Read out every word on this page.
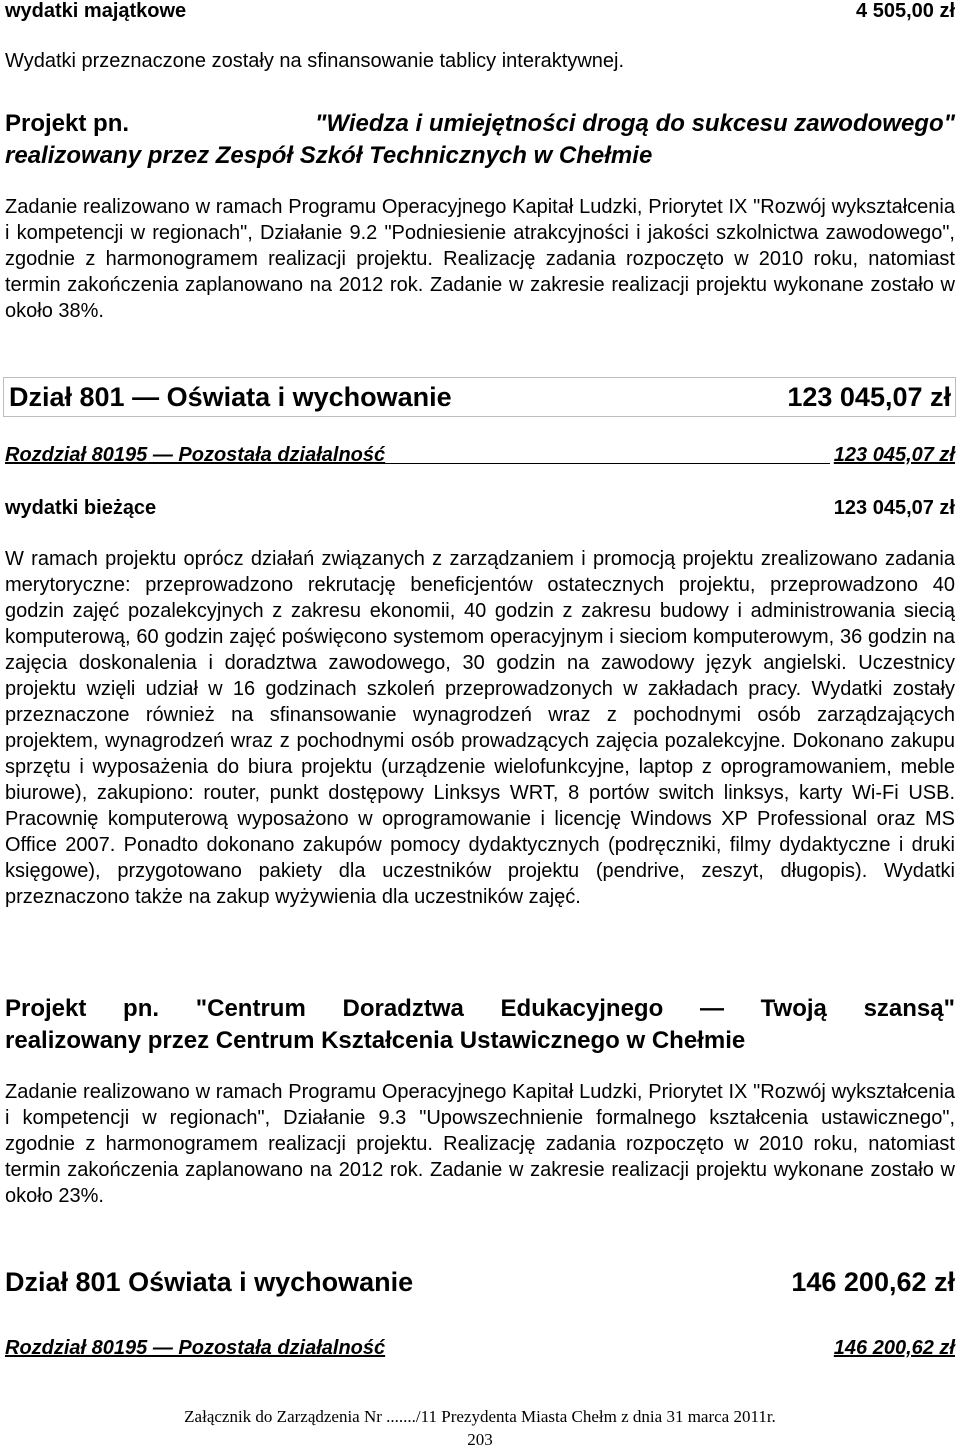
wydatki majątkowe	4 505,00 zł
Wydatki przeznaczone zostały na sfinansowanie tablicy interaktywnej.
Projekt pn.	"Wiedza i umiejętności drogą do sukcesu zawodowego"
realizowany przez Zespół Szkół Technicznych w Chełmie
Zadanie realizowano w ramach Programu Operacyjnego Kapitał Ludzki, Priorytet IX "Rozwój wykształcenia i kompetencji w regionach", Działanie 9.2 "Podniesienie atrakcyjności i jakości szkolnictwa zawodowego", zgodnie z harmonogramem realizacji projektu. Realizację zadania rozpoczęto w 2010 roku, natomiast termin zakończenia zaplanowano na 2012 rok. Zadanie w zakresie realizacji projektu wykonane zostało w około 38%.
Dział 801 — Oświata i wychowanie	123 045,07 zł
Rozdział 80195 — Pozostała działalność	123 045,07 zł
wydatki bieżące	123 045,07 zł
W ramach projektu oprócz działań związanych z zarządzaniem i promocją projektu zrealizowano zadania merytoryczne: przeprowadzono rekrutację beneficjentów ostatecznych projektu, przeprowadzono 40 godzin zajęć pozalekcyjnych z zakresu ekonomii, 40 godzin z zakresu budowy i administrowania siecią komputerową, 60 godzin zajęć poświęcono systemom operacyjnym i sieciom komputerowym, 36 godzin na zajęcia doskonalenia i doradztwa zawodowego, 30 godzin na zawodowy język angielski. Uczestnicy projektu wzięli udział w 16 godzinach szkoleń przeprowadzonych w zakładach pracy. Wydatki zostały przeznaczone również na sfinansowanie wynagrodzeń wraz z pochodnymi osób zarządzających projektem, wynagrodzeń wraz z pochodnymi osób prowadzących zajęcia pozalekcyjne. Dokonano zakupu sprzętu i wyposażenia do biura projektu (urządzenie wielofunkcyjne, laptop z oprogramowaniem, meble biurowe), zakupiono: router, punkt dostępowy Linksys WRT, 8 portów switch linksys, karty Wi-Fi USB. Pracownię komputerową wyposażono w oprogramowanie i licencję Windows XP Professional oraz MS Office 2007. Ponadto dokonano zakupów pomocy dydaktycznych (podręczniki, filmy dydaktyczne i druki księgowe), przygotowano pakiety dla uczestników projektu (pendrive, zeszyt, długopis). Wydatki przeznaczono także na zakup wyżywienia dla uczestników zajęć.
Projekt pn. "Centrum Doradztwa Edukacyjnego — Twoją szansą"
realizowany przez Centrum Kształcenia Ustawicznego w Chełmie
Zadanie realizowano w ramach Programu Operacyjnego Kapitał Ludzki, Priorytet IX "Rozwój wykształcenia i kompetencji w regionach", Działanie 9.3 "Upowszechnienie formalnego kształcenia ustawicznego", zgodnie z harmonogramem realizacji projektu. Realizację zadania rozpoczęto w 2010 roku, natomiast termin zakończenia zaplanowano na 2012 rok. Zadanie w zakresie realizacji projektu wykonane zostało w około 23%.
Dział 801 Oświata i wychowanie	146 200,62 zł
Rozdział 80195 — Pozostała działalność	146 200,62 zł
Załącznik do Zarządzenia Nr ......./11 Prezydenta Miasta Chełm z dnia 31 marca 2011r.
203
